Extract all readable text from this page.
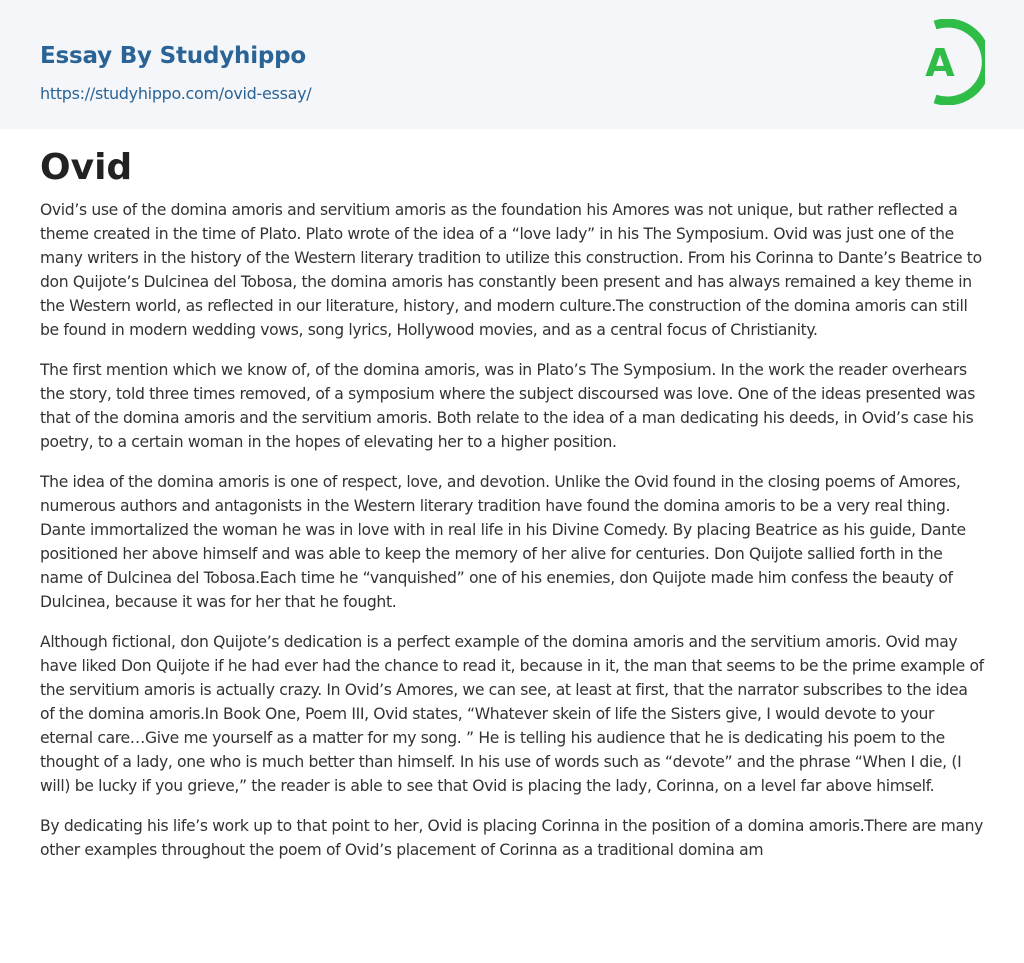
Essay By Studyhippo
https://studyhippo.com/ovid-essay/
A
Ovid

Ovid’s use of the domina amoris and servitium amoris as the foundation his Amores was not unique, but rather reflected a theme created in the time of Plato. Plato wrote of the idea of a “love lady” in his The Symposium. Ovid was just one of the many writers in the history of the Western literary tradition to utilize this construction. From his Corinna to Dante’s Beatrice to don Quijote’s Dulcinea del Tobosa, the domina amoris has constantly been present and has always remained a key theme in the Western world, as reflected in our literature, history, and modern culture.The construction of the domina amoris can still be found in modern wedding vows, song lyrics, Hollywood movies, and as a central focus of Christianity.

The first mention which we know of, of the domina amoris, was in Plato’s The Symposium. In the work the reader overhears the story, told three times removed, of a symposium where the subject discoursed was love. One of the ideas presented was that of the domina amoris and the servitium amoris. Both relate to the idea of a man dedicating his deeds, in Ovid’s case his poetry, to a certain woman in the hopes of elevating her to a higher position.

The idea of the domina amoris is one of respect, love, and devotion. Unlike the Ovid found in the closing poems of Amores, numerous authors and antagonists in the Western literary tradition have found the domina amoris to be a very real thing. Dante immortalized the woman he was in love with in real life in his Divine Comedy. By placing Beatrice as his guide, Dante positioned her above himself and was able to keep the memory of her alive for centuries. Don Quijote sallied forth in the name of Dulcinea del Tobosa.Each time he “vanquished” one of his enemies, don Quijote made him confess the beauty of Dulcinea, because it was for her that he fought.

Although fictional, don Quijote’s dedication is a perfect example of the domina amoris and the servitium amoris. Ovid may have liked Don Quijote if he had ever had the chance to read it, because in it, the man that seems to be the prime example of the servitium amoris is actually crazy. In Ovid’s Amores, we can see, at least at first, that the narrator subscribes to the idea of the domina amoris.In Book One, Poem III, Ovid states, “Whatever skein of life the Sisters give, I would devote to your eternal care…Give me yourself as a matter for my song. ” He is telling his audience that he is dedicating his poem to the thought of a lady, one who is much better than himself. In his use of words such as “devote” and the phrase “When I die, (I will) be lucky if you grieve,” the reader is able to see that Ovid is placing the lady, Corinna, on a level far above himself.

By dedicating his life’s work up to that point to her, Ovid is placing Corinna in the position of a domina amoris.There are many other examples throughout the poem of Ovid’s placement of Corinna as a traditional domina am
